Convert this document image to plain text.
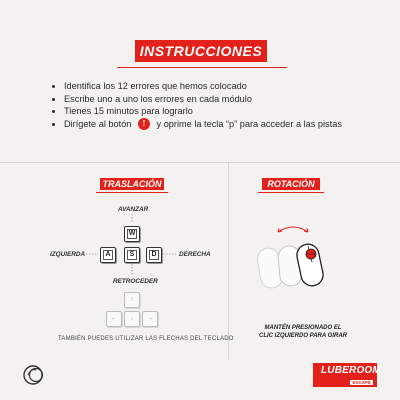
INSTRUCCIONES
• Identifica los 12 errores que hemos colocado
• Escribe uno a uno los errores en cada módulo
• Tienes 15 minutos para lograrlo
• Dirígete al botón ! y oprime la tecla “p” para acceder a las pistas
TRASLACIÓN
AVANZAR
IZQUIERDA	DERECHA
RETROCEDER
W
A	S	D
↑
←	↓	→
TAMBIÉN PUEDES UTILIZAR LAS FLECHAS DEL TECLADO
ROTACIÓN
MANTÉN PRESIONADO EL
CLIC IZQUIERDO PARA GIRAR
LUBEROOM
ESCAPE
